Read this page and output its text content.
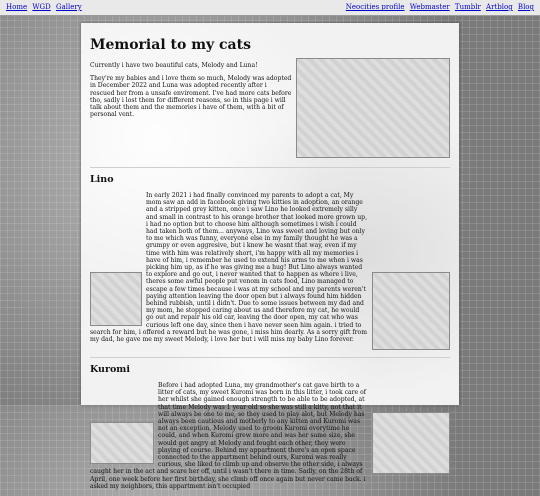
Home WGD Gallery	Neocities profile Webmaster Tumblr Artblog Blog
Memorial to my cats

Currently i have two beautiful cats, Melody and Luna!

They're my babies and i love them so much, Melody was adopted in December 2022 and Luna was adopted recently after i rescued her from a unsafe enviroment. I've had more cats before tho, sadly i lost them for different reasons, so in this page i will talk about them and the memories i have of them, with a bit of personal vent.

Lino

In early 2021 i had finally convinced my parents to adopt a cat, My mom saw an add in facebook giving two kitties in adoption, an orange and a stripped grey kitten, once i saw Lino he looked extremely silly and small in contrast to his orange brother that looked more grown up, i had no option but to choose him although sometimes i wish i could had taken both of them... anyways, Lino was sweet and loving but only to me which was funny, everyone else in my family thought he was a grumpy or even aggresive, but i knew he wasnt that way, even if my time with him was relatively short, i'm happy with all my memories i have of him, i remember he used to extend his arms to me when i was picking him up, as if he was giving me a hug! But Lino always wanted to explore and go out, i never wanted that to happen as where i live, theres some awful people put venom in cats food, Lino managed to escape a few times because i was at my school and my parents weren't paying attention leaving the door open but i always found him hidden behind rubbish, until i didn't. Due to some issues between my dad and my mom, he stopped caring about us and therefore my cat, he would go out and repair his old car, leaving the door open, my cat who was curious left one day, since then i have never seen him again. i tried to search for him, i offered a reward but he was gone, i miss him dearly. As a sorry gift from my dad, he gave me my sweet Melody, i love her but i will miss my baby Lino forever.

Kuromi

Before i had adopted Luna, my grandmother's cat gave birth to a litter of cats, my sweet Kuromi was born in this litter, i took care of her whilst she gained enough strength to be able to be adopted, at that time Melody was 1 year old so she was still a kitty, not that it will always be one to me, so they used to play alot, but Melody has always been cautious and motherly to any kitten and Kuromi was not an exception, Melody used to groom Kuromi everytime he could, and when Kuromi grew more and was her same size, she would get angry at Melody and fought each other, they were playing of course. Behind my appartment there's an open space connected to the appartment behind ours, Kuromi was really curious, she liked to climb up and observe the other side, i always caught her in the act and scare her off, until i wasn't there in time. Sadly, on the 28th of April, one week before her first birthday, she climb off once again but never came back. i asked my neighbors, this appartment isn't occupied
